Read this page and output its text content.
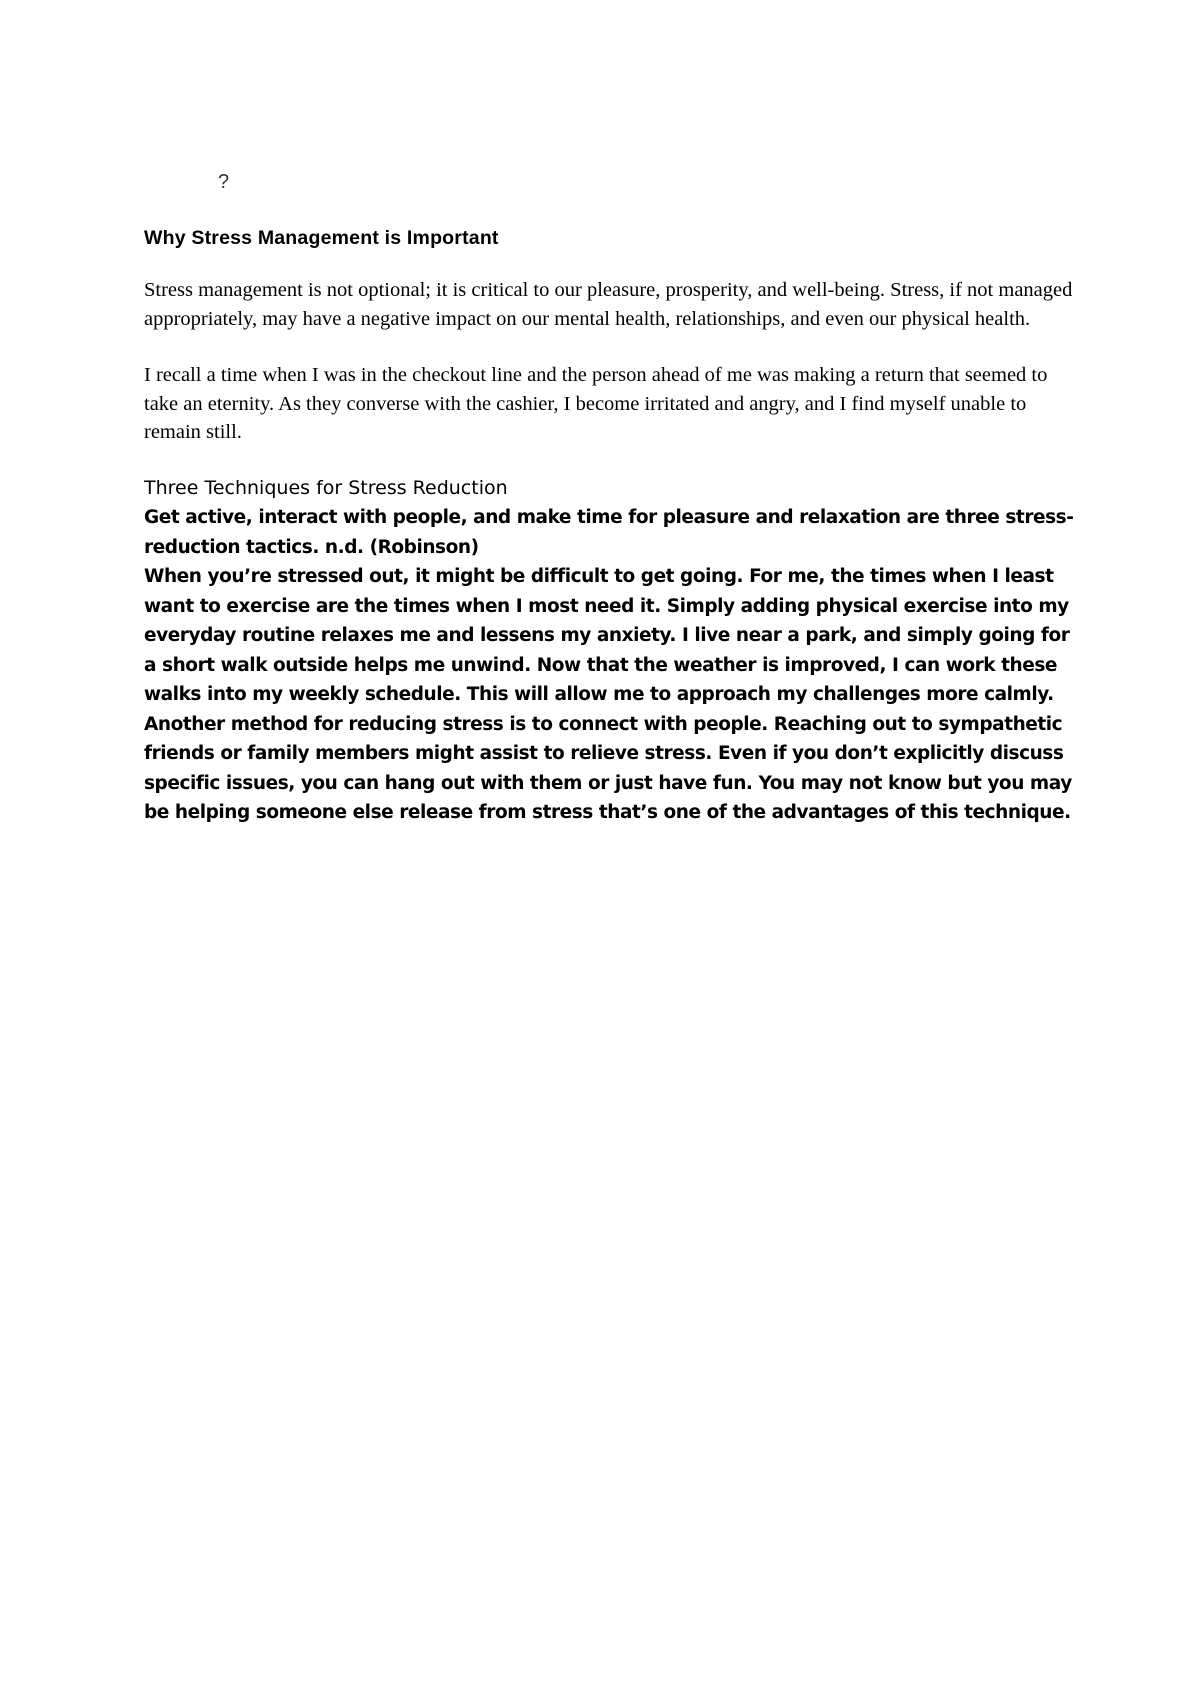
?
Why Stress Management is Important

Stress management is not optional; it is critical to our pleasure, prosperity, and well-being. Stress, if not managed appropriately, may have a negative impact on our mental health, relationships, and even our physical health.

I recall a time when I was in the checkout line and the person ahead of me was making a return that seemed to take an eternity. As they converse with the cashier, I become irritated and angry, and I find myself unable to remain still.

Three Techniques for Stress Reduction

Get active, interact with people, and make time for pleasure and relaxation are three stress-reduction tactics. n.d. (Robinson)

When you’re stressed out, it might be difficult to get going. For me, the times when I least want to exercise are the times when I most need it. Simply adding physical exercise into my everyday routine relaxes me and lessens my anxiety. I live near a park, and simply going for a short walk outside helps me unwind. Now that the weather is improved, I can work these walks into my weekly schedule. This will allow me to approach my challenges more calmly. Another method for reducing stress is to connect with people. Reaching out to sympathetic friends or family members might assist to relieve stress. Even if you don’t explicitly discuss specific issues, you can hang out with them or just have fun. You may not know but you may be helping someone else release from stress that’s one of the advantages of this technique.
